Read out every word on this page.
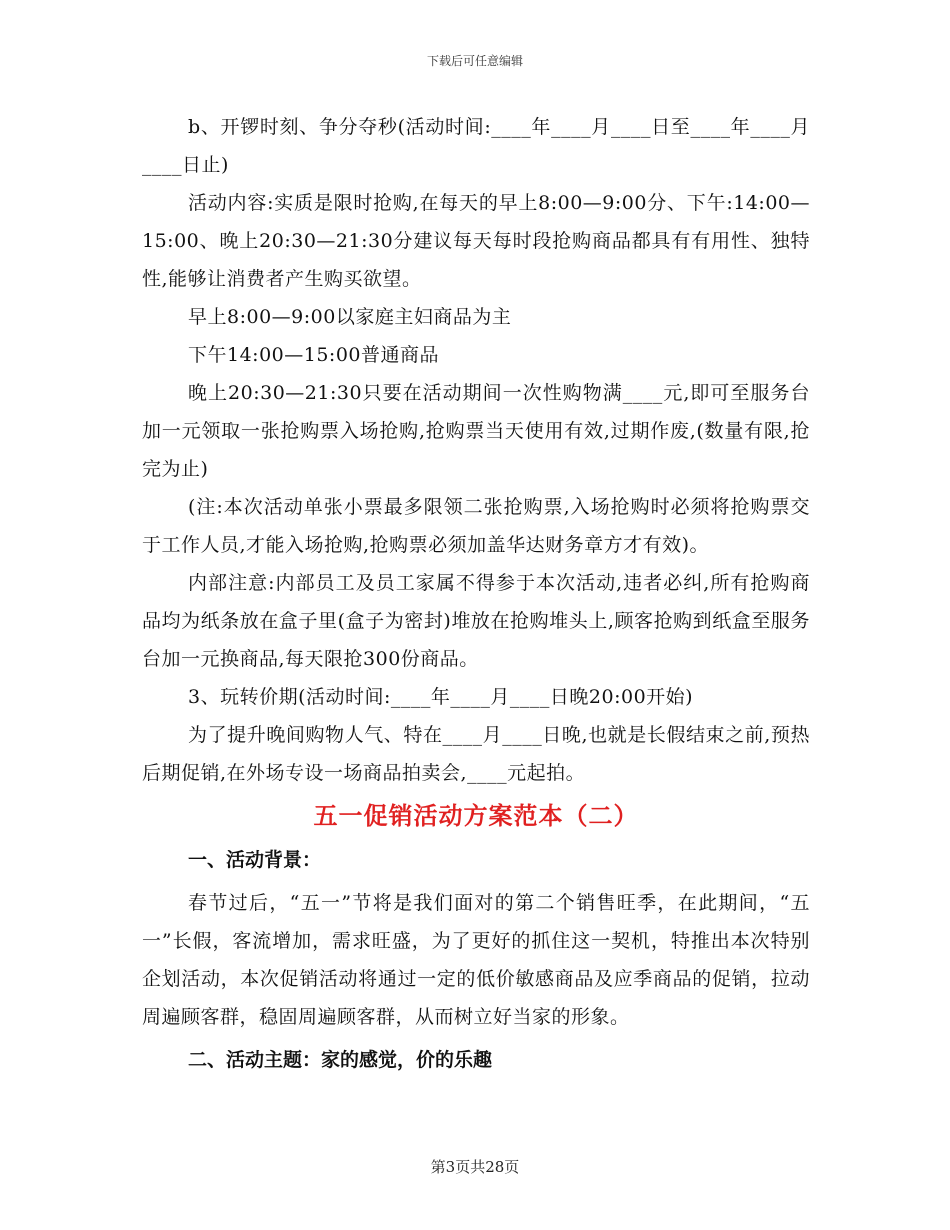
下载后可任意编辑

b、开锣时刻、争分夺秒(活动时间:____年____月____日至____年____月____日止)

活动内容:实质是限时抢购,在每天的早上8:00—9:00分、下午:14:00—15:00、晚上20:30—21:30分建议每天每时段抢购商品都具有有用性、独特性,能够让消费者产生购买欲望。

早上8:00—9:00以家庭主妇商品为主

下午14:00—15:00普通商品

晚上20:30—21:30只要在活动期间一次性购物满____元,即可至服务台加一元领取一张抢购票入场抢购,抢购票当天使用有效,过期作废,(数量有限,抢完为止)

(注:本次活动单张小票最多限领二张抢购票,入场抢购时必须将抢购票交于工作人员,才能入场抢购,抢购票必须加盖华达财务章方才有效)。

内部注意:内部员工及员工家属不得参于本次活动,违者必纠,所有抢购商品均为纸条放在盒子里(盒子为密封)堆放在抢购堆头上,顾客抢购到纸盒至服务台加一元换商品,每天限抢300份商品。

3、玩转价期(活动时间:____年____月____日晚20:00开始)

为了提升晚间购物人气、特在____月____日晚,也就是长假结束之前,预热后期促销,在外场专设一场商品拍卖会,____元起拍。

五一促销活动方案范本（二）

一、活动背景：

春节过后，“五一”节将是我们面对的第二个销售旺季，在此期间，“五一”长假，客流增加，需求旺盛，为了更好的抓住这一契机，特推出本次特别企划活动，本次促销活动将通过一定的低价敏感商品及应季商品的促销，拉动周遍顾客群，稳固周遍顾客群，从而树立好当家的形象。

二、活动主题：家的感觉，价的乐趣

第3页共28页
